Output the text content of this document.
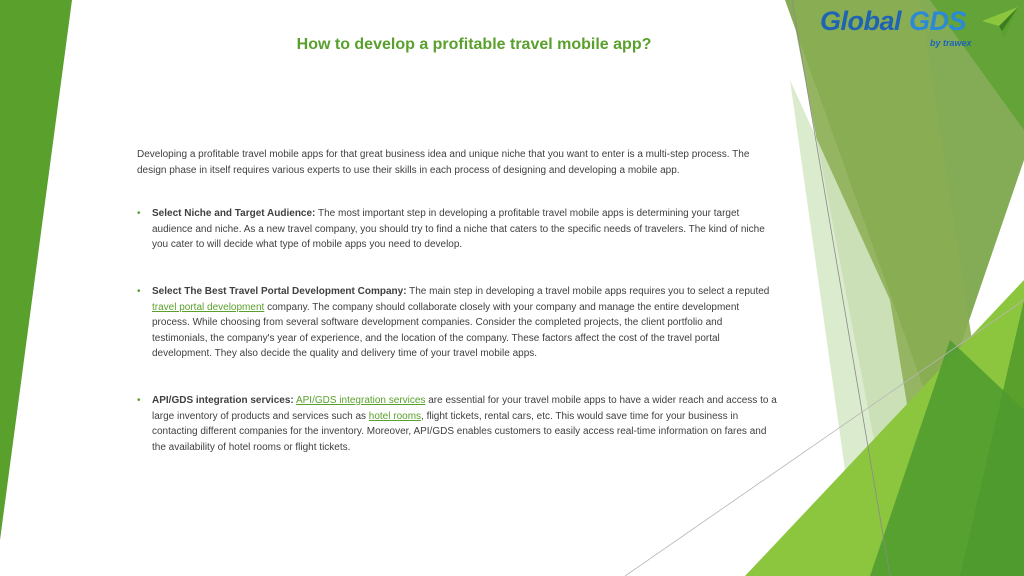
Global GDS
by trawex
How to develop a profitable travel mobile app?

Developing a profitable travel mobile apps for that great business idea and unique niche that you want to enter is a multi-step process. The design phase in itself requires various experts to use their skills in each process of designing and developing a mobile app.

• Select Niche and Target Audience: The most important step in developing a profitable travel mobile apps is determining your target audience and niche. As a new travel company, you should try to find a niche that caters to the specific needs of travelers. The kind of niche you cater to will decide what type of mobile apps you need to develop.

• Select The Best Travel Portal Development Company: The main step in developing a travel mobile apps requires you to select a reputed travel portal development company. The company should collaborate closely with your company and manage the entire development process. While choosing from several software development companies. Consider the completed projects, the client portfolio and testimonials, the company's year of experience, and the location of the company. These factors affect the cost of the travel portal development. They also decide the quality and delivery time of your travel mobile apps.

• API/GDS integration services: API/GDS integration services are essential for your travel mobile apps to have a wider reach and access to a large inventory of products and services such as hotel rooms, flight tickets, rental cars, etc. This would save time for your business in contacting different companies for the inventory. Moreover, API/GDS enables customers to easily access real-time information on fares and the availability of hotel rooms or flight tickets.
